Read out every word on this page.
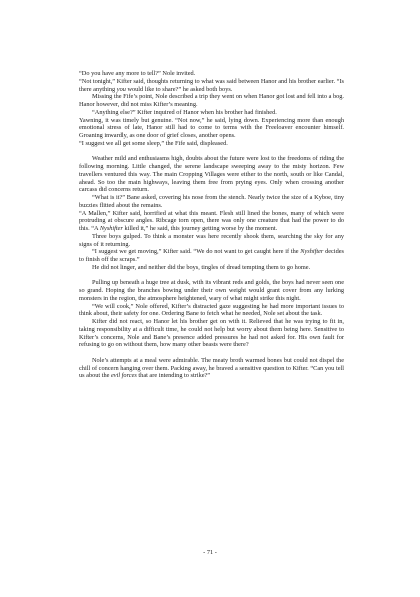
“Do you have any more to tell?” Nole invited.

“Not tonight,” Kifter said, thoughts returning to what was said between Hanor and his brother earlier. “Is there anything you would like to share?” he asked both boys.

Missing the Fife’s point, Nole described a trip they went on when Hanor got lost and fell into a bog. Hanor however, did not miss Kifter’s meaning.

“Anything else?” Kifter inquired of Hanor when his brother had finished.

Yawning, it was timely but genuine. “Not now,” he said, lying down. Experiencing more than enough emotional stress of late, Hanor still had to come to terms with the Freeloaver encounter himself. Groaning inwardly, as one door of grief closes, another opens.

“I suggest we all get some sleep,” the Fife said, displeased.

Weather mild and enthusiasms high, doubts about the future were lost to the freedoms of riding the following morning. Little changed, the serene landscape sweeping away to the misty horizon. Few travellers ventured this way. The main Cropping Villages were either to the north, south or like Candal, ahead. So too the main highways, leaving them free from prying eyes. Only when crossing another carcass did concerns return.

“What is it?” Bane asked, covering his nose from the stench. Nearly twice the size of a Kyboe, tiny buzzies flitted about the remains.

“A Mallen,” Kifter said, horrified at what this meant. Flesh still lined the bones, many of which were protruding at obscure angles. Ribcage torn open, there was only one creature that had the power to do this. “A Nyshifter killed it,” he said, this journey getting worse by the moment.

Three boys gulped. To think a monster was here recently shook them, searching the sky for any signs of it returning.

“I suggest we get moving,” Kifter said. “We do not want to get caught here if the Nyshifter decides to finish off the scraps.”

He did not linger, and neither did the boys, tingles of dread tempting them to go home.

Pulling up beneath a huge tree at dusk, with its vibrant reds and golds, the boys had never seen one so grand. Hoping the branches bowing under their own weight would grant cover from any lurking monsters in the region, the atmosphere heightened, wary of what might strike this night.

“We will cook,” Nole offered, Kifter’s distracted gaze suggesting he had more important issues to think about, their safety for one. Ordering Bane to fetch what he needed, Nole set about the task.

Kifter did not react, so Hanor let his brother get on with it. Relieved that he was trying to fit in, taking responsibility at a difficult time, he could not help but worry about them being here. Sensitive to Kifter’s concerns, Nole and Bane’s presence added pressures he had not asked for. His own fault for refusing to go on without them, how many other beasts were there?

Nole’s attempts at a meal were admirable. The meaty broth warmed bones but could not dispel the chill of concern hanging over them. Packing away, he braved a sensitive question to Kifter. “Can you tell us about the evil forces that are intending to strike?”

- 71 -
